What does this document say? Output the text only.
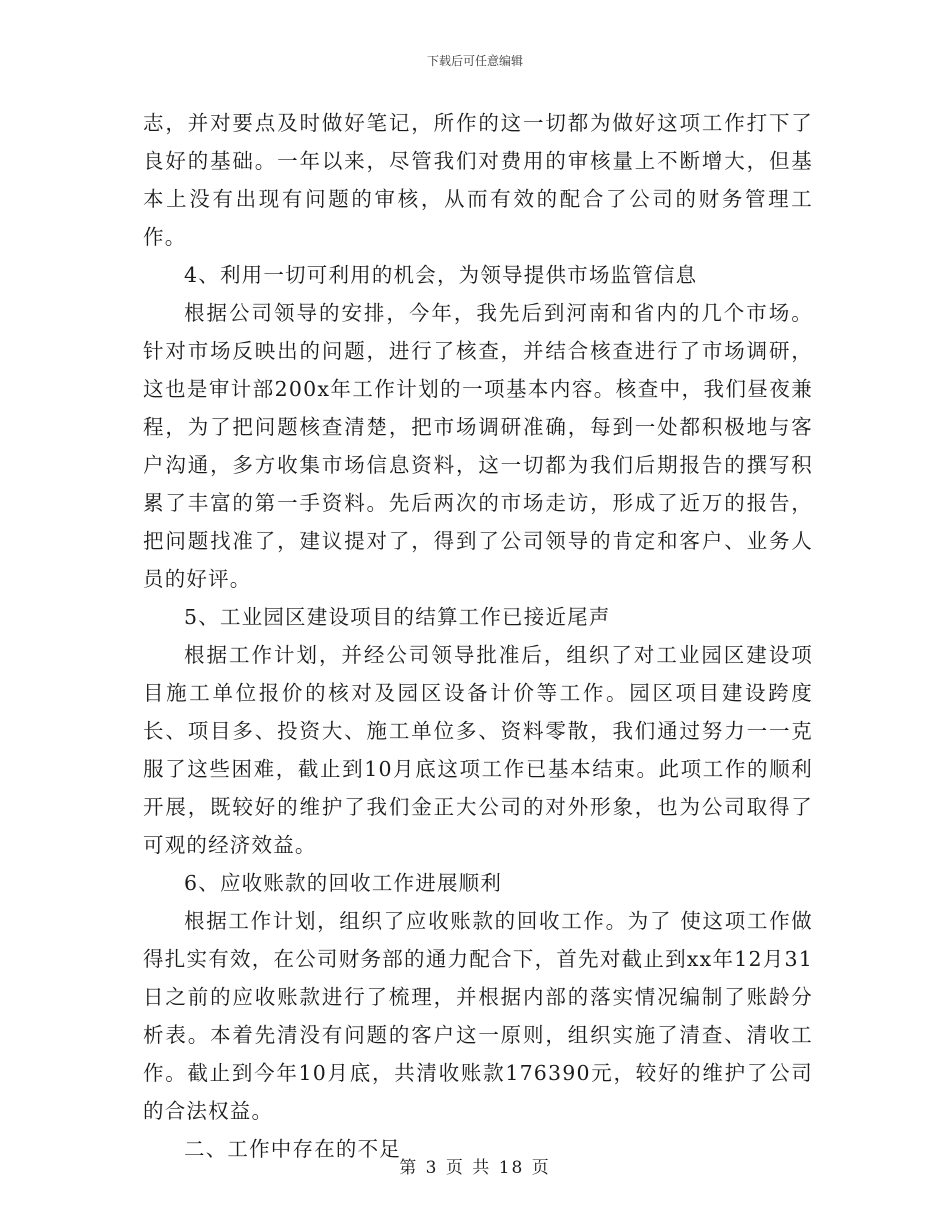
下载后可任意编辑

志，并对要点及时做好笔记，所作的这一切都为做好这项工作打下了良好的基础。一年以来，尽管我们对费用的审核量上不断增大，但基本上没有出现有问题的审核，从而有效的配合了公司的财务管理工作。

4、利用一切可利用的机会，为领导提供市场监管信息

根据公司领导的安排，今年，我先后到河南和省内的几个市场。针对市场反映出的问题，进行了核查，并结合核查进行了市场调研，这也是审计部200x年工作计划的一项基本内容。核查中，我们昼夜兼程，为了把问题核查清楚，把市场调研准确，每到一处都积极地与客户沟通，多方收集市场信息资料，这一切都为我们后期报告的撰写积累了丰富的第一手资料。先后两次的市场走访，形成了近万的报告，把问题找准了，建议提对了，得到了公司领导的肯定和客户、业务人员的好评。

5、工业园区建设项目的结算工作已接近尾声

根据工作计划，并经公司领导批准后，组织了对工业园区建设项目施工单位报价的核对及园区设备计价等工作。园区项目建设跨度长、项目多、投资大、施工单位多、资料零散，我们通过努力一一克服了这些困难，截止到10月底这项工作已基本结束。此项工作的顺利开展，既较好的维护了我们金正大公司的对外形象，也为公司取得了可观的经济效益。

6、应收账款的回收工作进展顺利

根据工作计划，组织了应收账款的回收工作。为了 使这项工作做得扎实有效，在公司财务部的通力配合下，首先对截止到xx年12月31日之前的应收账款进行了梳理，并根据内部的落实情况编制了账龄分析表。本着先清没有问题的客户这一原则，组织实施了清查、清收工作。截止到今年10月底，共清收账款176390元，较好的维护了公司的合法权益。

二、工作中存在的不足

第 3 页 共 18 页
